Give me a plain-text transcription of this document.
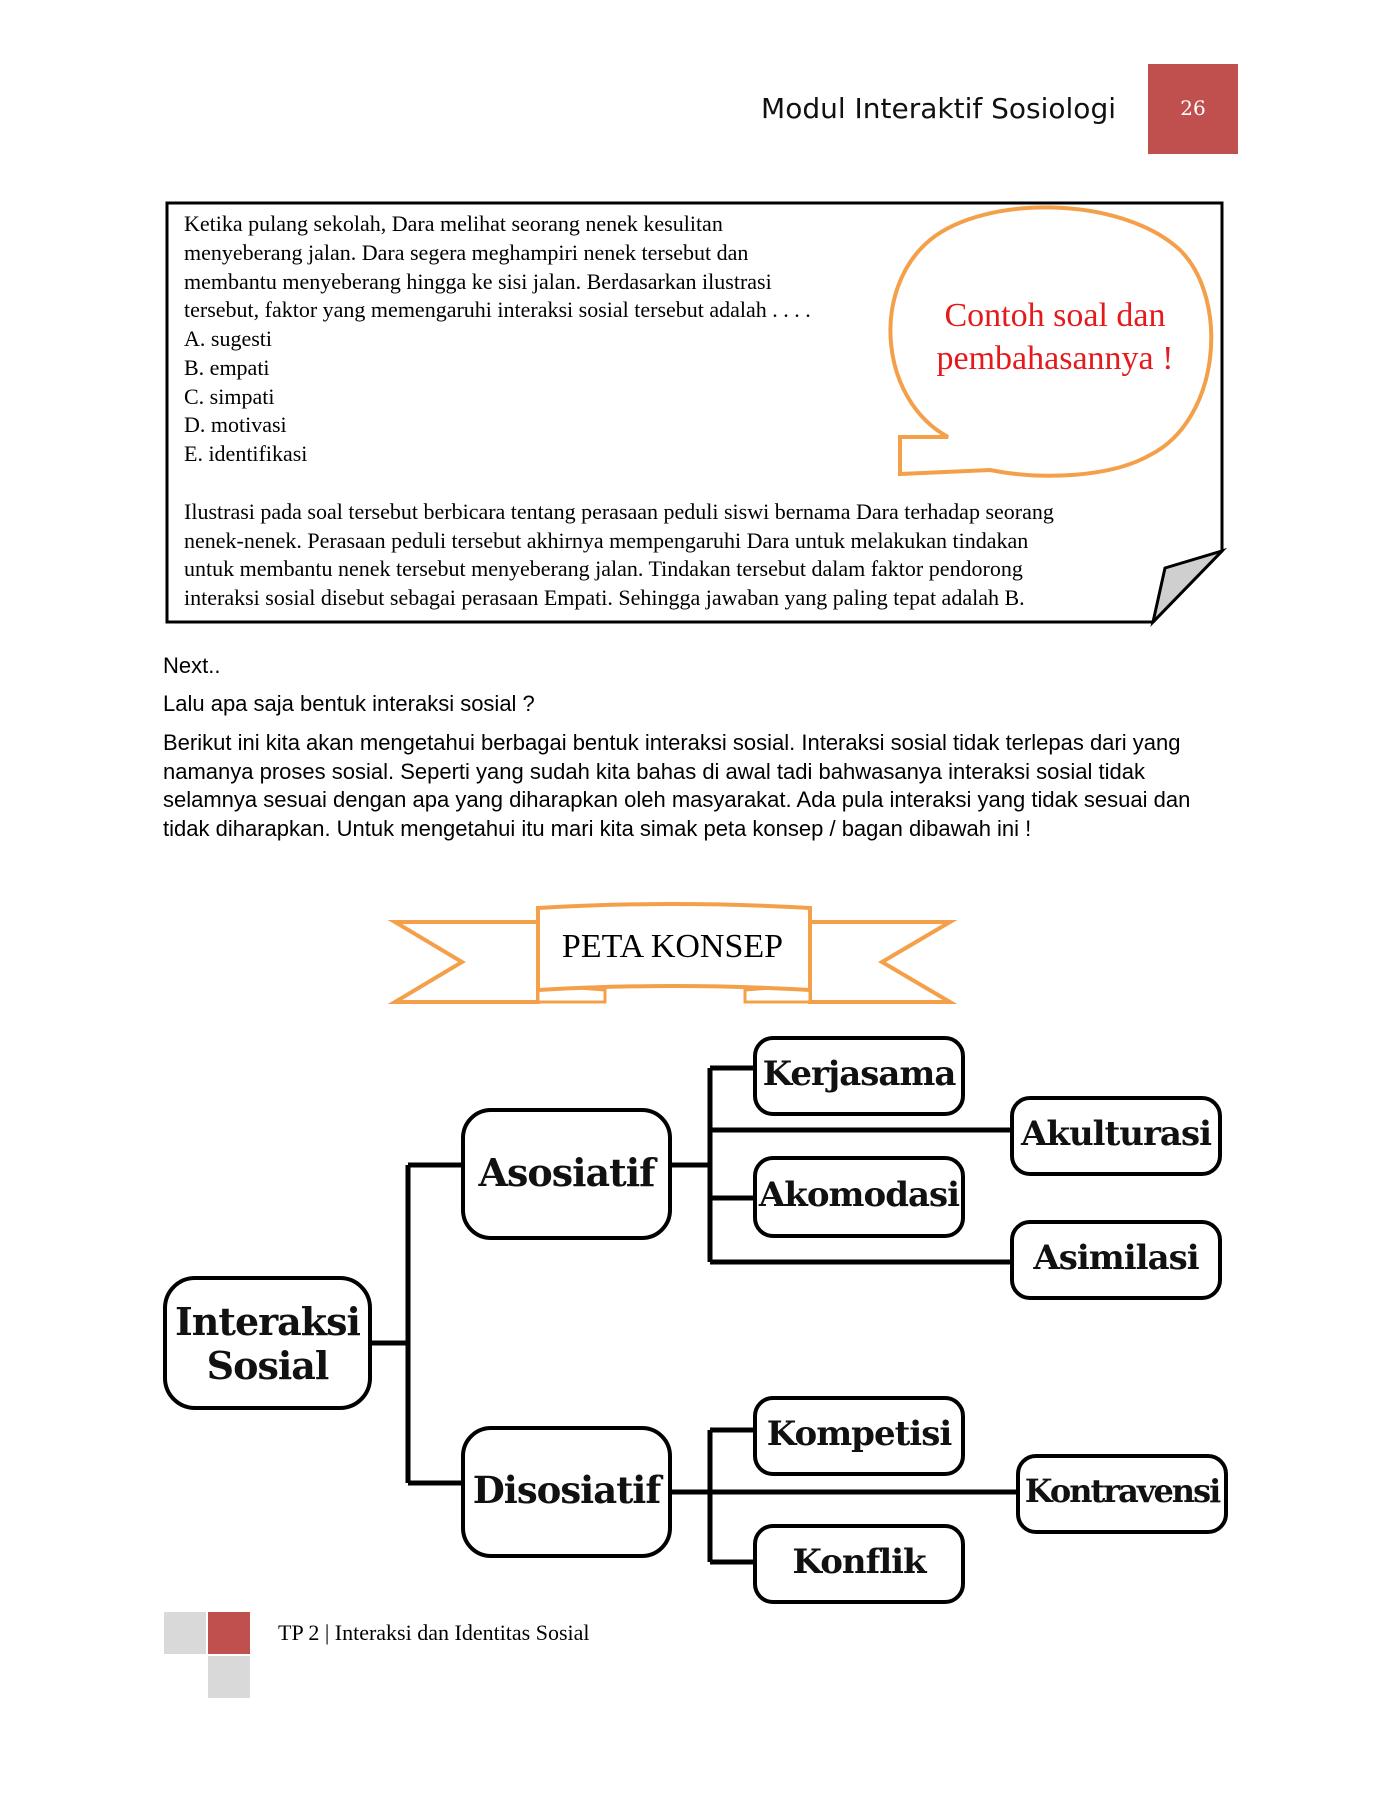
Modul Interaktif Sosiologi	26
Ketika pulang sekolah, Dara melihat seorang nenek kesulitan
menyeberang jalan. Dara segera meghampiri nenek tersebut dan
membantu menyeberang hingga ke sisi jalan. Berdasarkan ilustrasi
tersebut, faktor yang memengaruhi interaksi sosial tersebut adalah . . . .
A. sugesti
B. empati
C. simpati
D. motivasi
E. identifikasi
Ilustrasi pada soal tersebut berbicara tentang perasaan peduli siswi bernama Dara terhadap seorang
nenek-nenek. Perasaan peduli tersebut akhirnya mempengaruhi Dara untuk melakukan tindakan
untuk membantu nenek tersebut menyeberang jalan. Tindakan tersebut dalam faktor pendorong
interaksi sosial disebut sebagai perasaan Empati. Sehingga jawaban yang paling tepat adalah B.
Contoh soal dan
pembahasannya !
Next..
Lalu apa saja bentuk interaksi sosial ?
Berikut ini kita akan mengetahui berbagai bentuk interaksi sosial. Interaksi sosial tidak terlepas dari yang namanya proses sosial. Seperti yang sudah kita bahas di awal tadi bahwasanya interaksi sosial tidak selamnya sesuai dengan apa yang diharapkan oleh masyarakat. Ada pula interaksi yang tidak sesuai dan tidak diharapkan. Untuk mengetahui itu mari kita simak peta konsep / bagan dibawah ini !
PETA KONSEP
Interaksi
Sosial
Asosiatif
Disosiatif
Kerjasama
Akomodasi
Akulturasi
Asimilasi
Kompetisi
Konflik
Kontravensi
TP 2 | Interaksi dan Identitas Sosial
